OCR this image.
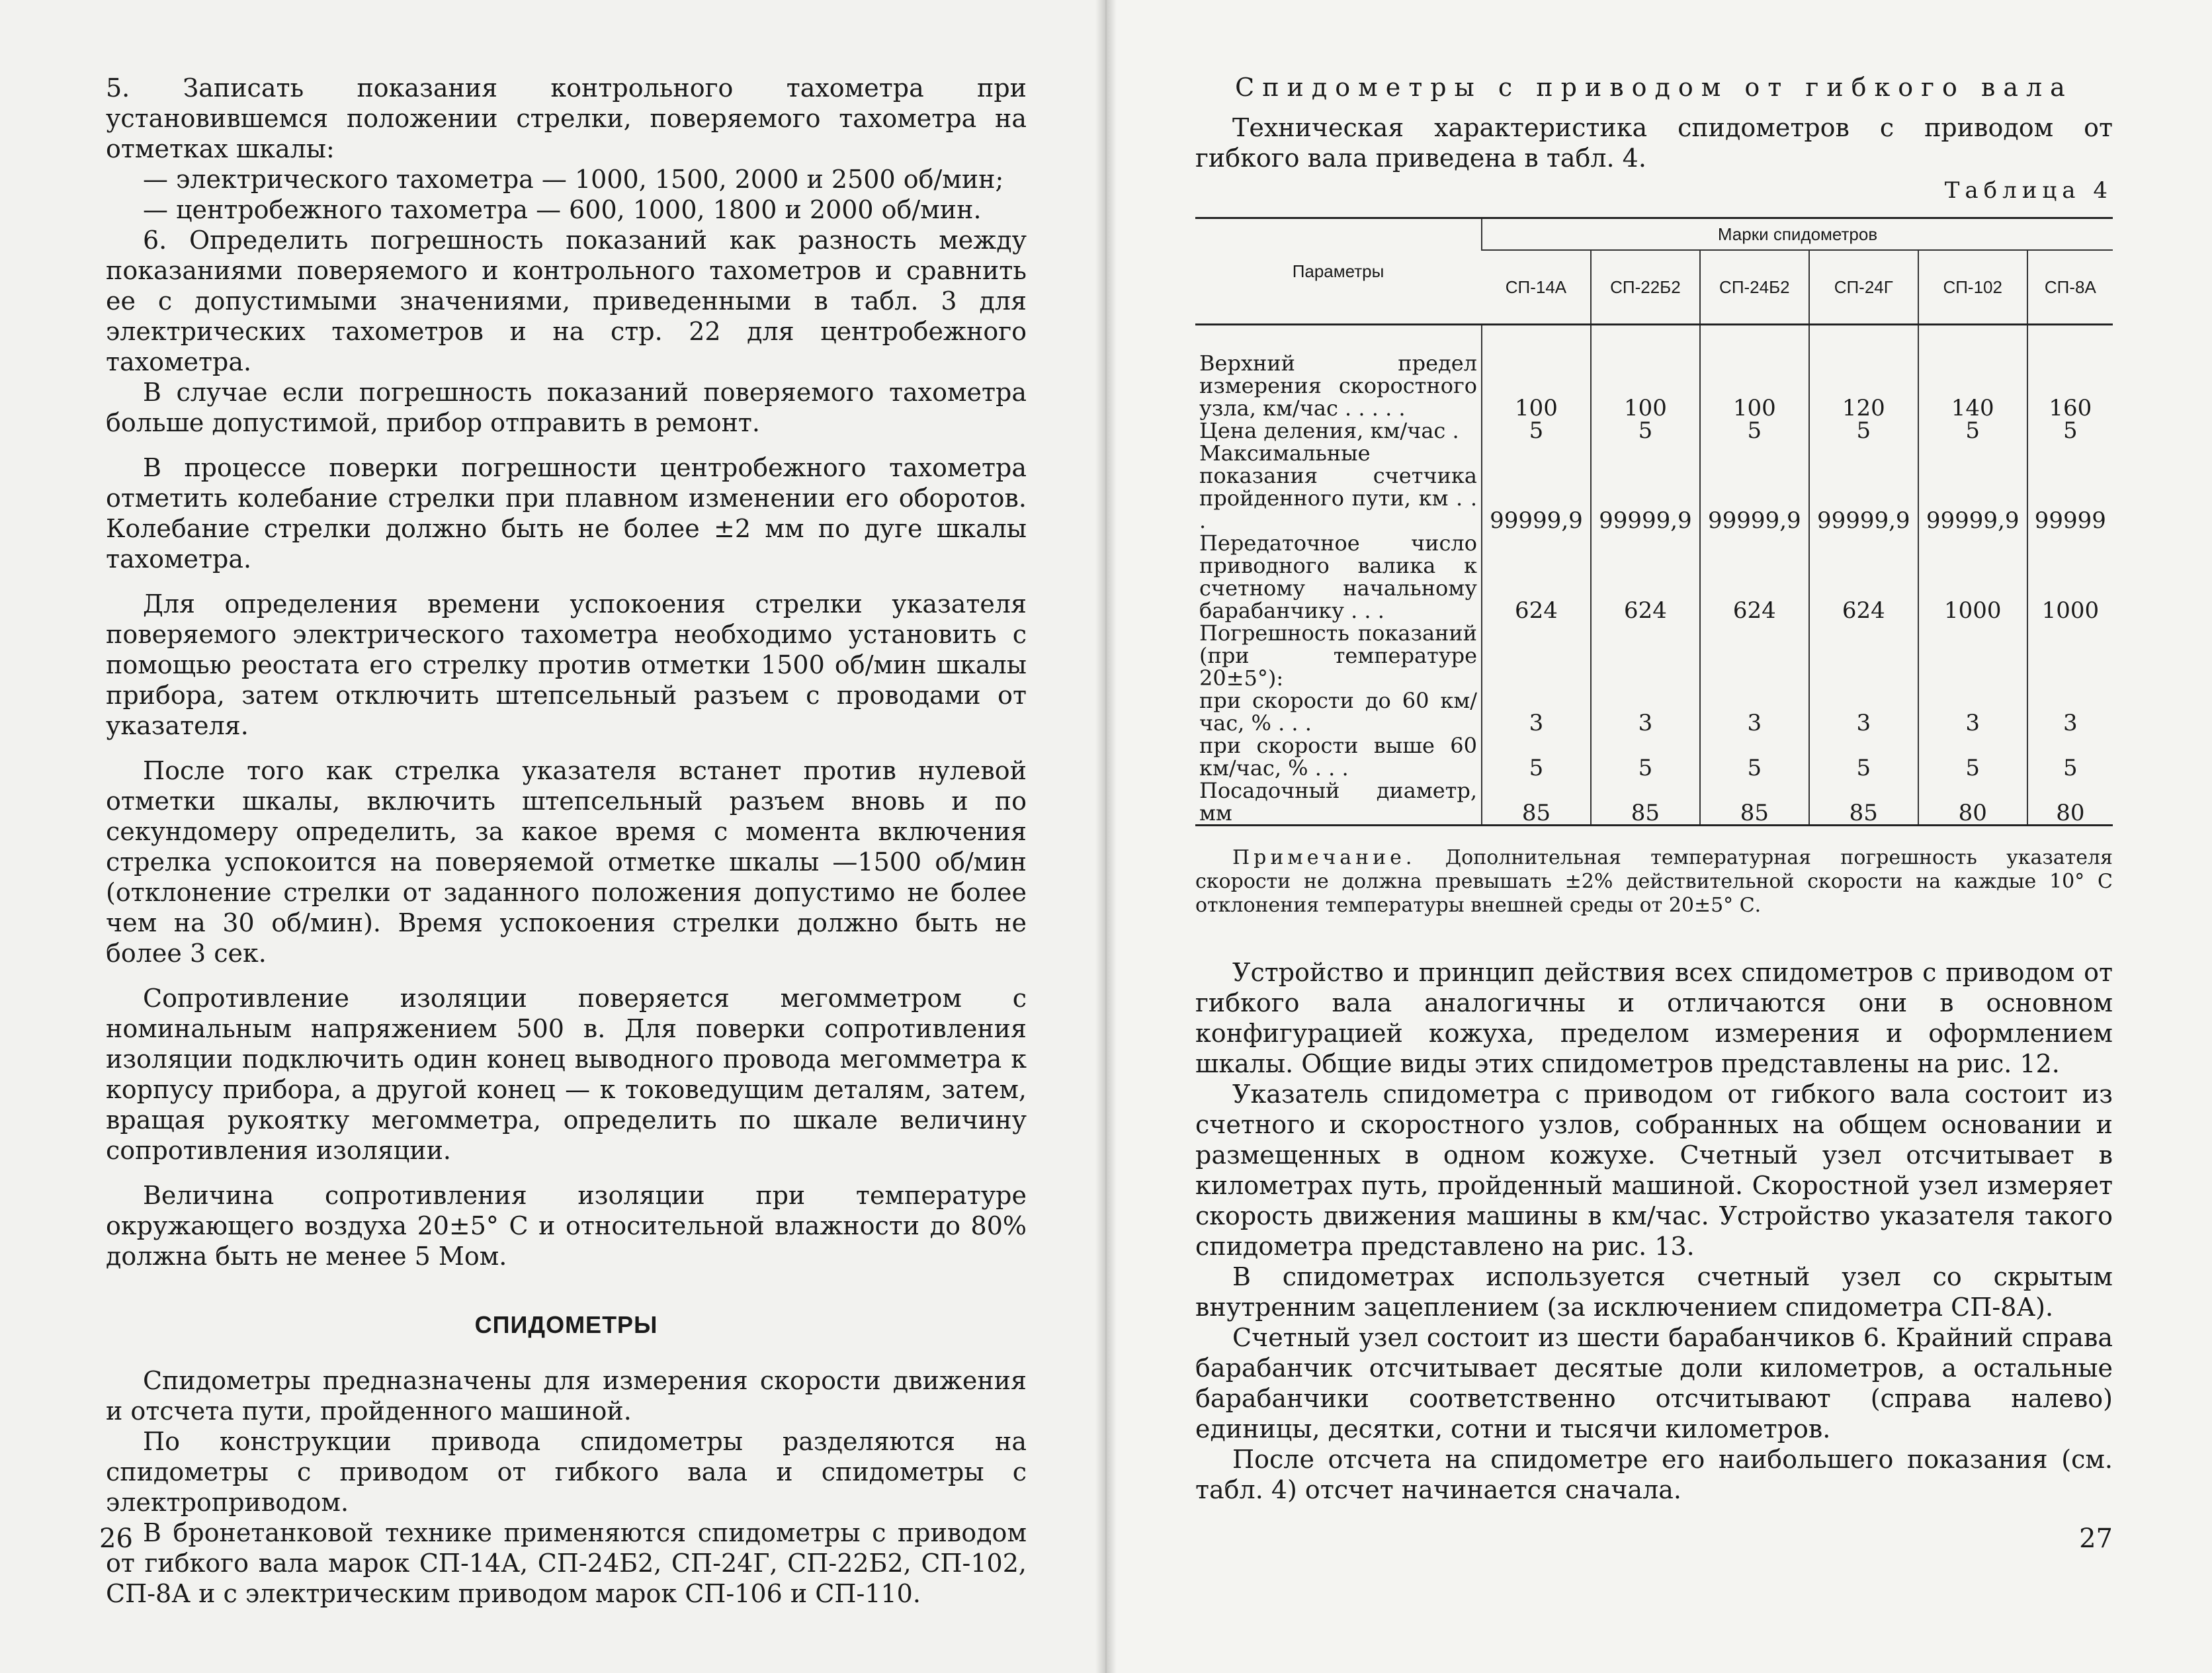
5. Записать показания контрольного тахометра при установившемся положении стрелки, поверяемого тахометра на отметках шкалы:

— электрического тахометра — 1000, 1500, 2000 и 2500 об/мин;

— центробежного тахометра — 600, 1000, 1800 и 2000 об/мин.

6. Определить погрешность показаний как разность между показаниями поверяемого и контрольного тахометров и сравнить ее с допустимыми значениями, приведенными в табл. 3 для электрических тахометров и на стр. 22 для центробежного тахометра.

В случае если погрешность показаний поверяемого тахометра больше допустимой, прибор отправить в ремонт.

В процессе поверки погрешности центробежного тахометра отметить колебание стрелки при плавном изменении его оборотов. Колебание стрелки должно быть не более ±2 мм по дуге шкалы тахометра.

Для определения времени успокоения стрелки указателя поверяемого электрического тахометра необходимо установить с помощью реостата его стрелку против отметки 1500 об/мин шкалы прибора, затем отключить штепсельный разъем с проводами от указателя.

После того как стрелка указателя встанет против нулевой отметки шкалы, включить штепсельный разъем вновь и по секундомеру определить, за какое время с момента включения стрелка успокоится на поверяемой отметке шкалы —1500 об/мин (отклонение стрелки от заданного положения допустимо не более чем на 30 об/мин). Время успокоения стрелки должно быть не более 3 сек.

Сопротивление изоляции поверяется мегомметром с номинальным напряжением 500 в. Для поверки сопротивления изоляции подключить один конец выводного провода мегомметра к корпусу прибора, а другой конец — к токоведущим деталям, затем, вращая рукоятку мегомметра, определить по шкале величину сопротивления изоляции.

Величина сопротивления изоляции при температуре окружающего воздуха 20±5° С и относительной влажности до 80% должна быть не менее 5 Мом.

СПИДОМЕТРЫ

Спидометры предназначены для измерения скорости движения и отсчета пути, пройденного машиной.

По конструкции привода спидометры разделяются на спидометры с приводом от гибкого вала и спидометры с электроприводом.

В бронетанковой технике применяются спидометры с приводом от гибкого вала марок СП-14А, СП-24Б2, СП-24Г, СП-22Б2, СП-102, СП-8А и с электрическим приводом марок СП-106 и СП-110.

26
Спидометры с приводом от гибкого вала

Техническая характеристика спидометров с приводом от гибкого вала приведена в табл. 4.

Таблица 4
Параметры	Марки спидометров					
	СП-14А	СП-22Б2	СП-24Б2	СП-24Г	СП-102	СП-8А
Верхний предел измерения скоростного узла, км/час . . . . .	100	100	100	120	140	160
Цена деления, км/час .	5	5	5	5	5	5
Максимальные показания счетчика пройденного пути, км . . .	99999,9	99999,9	99999,9	99999,9	99999,9	99999
Передаточное число приводного валика к счетному начальному барабанчику . . .	624	624	624	624	1000	1000
Погрешность показаний (при температуре 20±5°):						
при скорости до 60 км/час, % . . .	3	3	3	3	3	3
при скорости выше 60 км/час, % . . .	5	5	5	5	5	5
Посадочный диаметр, мм	85	85	85	85	80	80
Примечание. Дополнительная температурная погрешность указателя скорости не должна превышать ±2% действительной скорости на каждые 10° С отклонения температуры внешней среды от 20±5° С.

Устройство и принцип действия всех спидометров с приводом от гибкого вала аналогичны и отличаются они в основном конфигурацией кожуха, пределом измерения и оформлением шкалы. Общие виды этих спидометров представлены на рис. 12.

Указатель спидометра с приводом от гибкого вала состоит из счетного и скоростного узлов, собранных на общем основании и размещенных в одном кожухе. Счетный узел отсчитывает в километрах путь, пройденный машиной. Скоростной узел измеряет скорость движения машины в км/час. Устройство указателя такого спидометра представлено на рис. 13.

В спидометрах используется счетный узел со скрытым внутренним зацеплением (за исключением спидометра СП-8А).

Счетный узел состоит из шести барабанчиков 6. Крайний справа барабанчик отсчитывает десятые доли километров, а остальные барабанчики соответственно отсчитывают (справа налево) единицы, десятки, сотни и тысячи километров.

После отсчета на спидометре его наибольшего показания (см. табл. 4) отсчет начинается сначала.

27
